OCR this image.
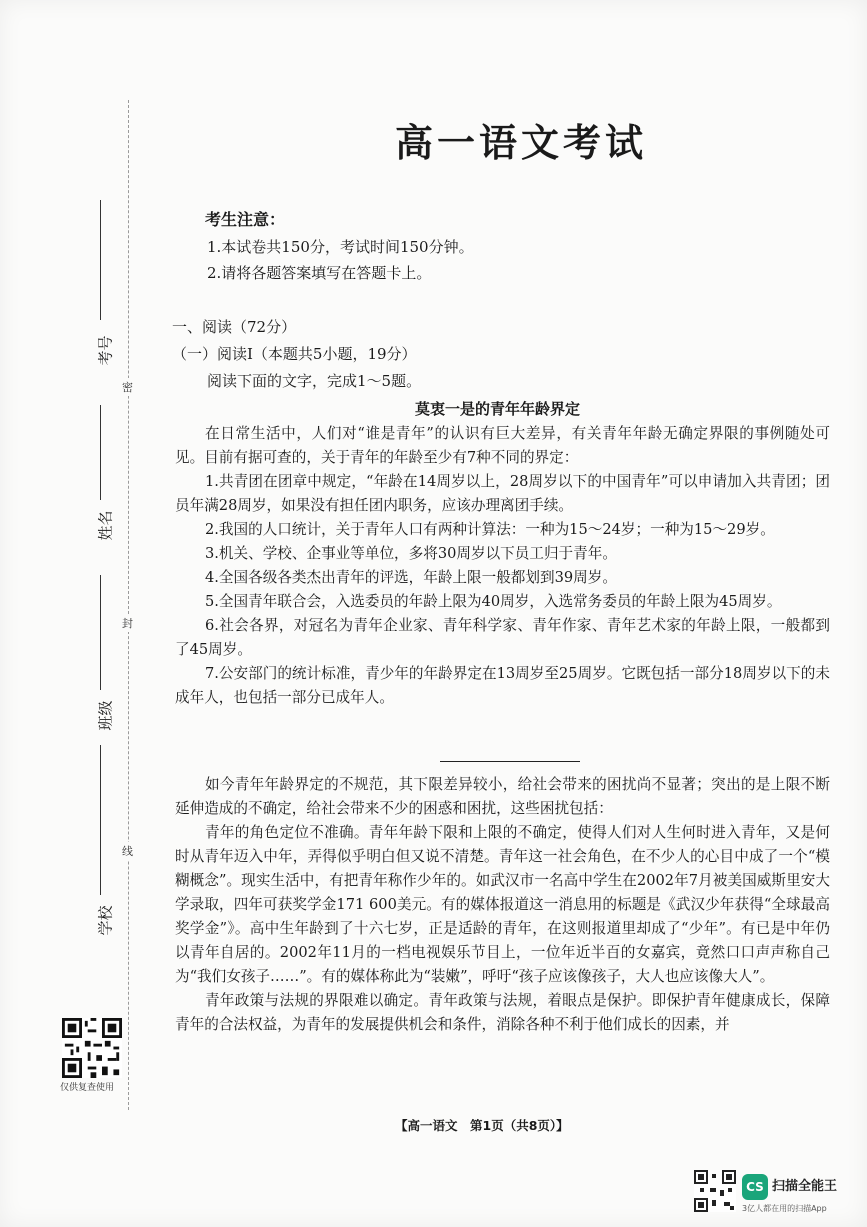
密
封
线
考号
姓名
班级
学校
仅供复查使用
高一语文考试
考生注意：
1.本试卷共150分，考试时间150分钟。
2.请将各题答案填写在答题卡上。
一、阅读（72分）
（一）阅读Ⅰ（本题共5小题，19分）
阅读下面的文字，完成1～5题。
莫衷一是的青年年龄界定

在日常生活中，人们对“谁是青年”的认识有巨大差异，有关青年年龄无确定界限的事例随处可见。目前有据可查的，关于青年的年龄至少有7种不同的界定：

1.共青团在团章中规定，“年龄在14周岁以上，28周岁以下的中国青年”可以申请加入共青团；团员年满28周岁，如果没有担任团内职务，应该办理离团手续。

2.我国的人口统计，关于青年人口有两种计算法：一种为15～24岁；一种为15～29岁。

3.机关、学校、企事业等单位，多将30周岁以下员工归于青年。

4.全国各级各类杰出青年的评选，年龄上限一般都划到39周岁。

5.全国青年联合会，入选委员的年龄上限为40周岁，入选常务委员的年龄上限为45周岁。

6.社会各界，对冠名为青年企业家、青年科学家、青年作家、青年艺术家的年龄上限，一般都到了45周岁。

7.公安部门的统计标准，青少年的年龄界定在13周岁至25周岁。它既包括一部分18周岁以下的未成年人，也包括一部分已成年人。

如今青年年龄界定的不规范，其下限差异较小，给社会带来的困扰尚不显著；突出的是上限不断延伸造成的不确定，给社会带来不少的困惑和困扰，这些困扰包括：

青年的角色定位不准确。青年年龄下限和上限的不确定，使得人们对人生何时进入青年，又是何时从青年迈入中年，弄得似乎明白但又说不清楚。青年这一社会角色，在不少人的心目中成了一个“模糊概念”。现实生活中，有把青年称作少年的。如武汉市一名高中学生在2002年7月被美国威斯里安大学录取，四年可获奖学金171 600美元。有的媒体报道这一消息用的标题是《武汉少年获得“全球最高奖学金”》。高中生年龄到了十六七岁，正是适龄的青年，在这则报道里却成了“少年”。有已是中年仍以青年自居的。2002年11月的一档电视娱乐节目上，一位年近半百的女嘉宾，竟然口口声声称自己为“我们女孩子……”。有的媒体称此为“装嫩”，呼吁“孩子应该像孩子，大人也应该像大人”。

青年政策与法规的界限难以确定。青年政策与法规，着眼点是保护。即保护青年健康成长，保障青年的合法权益，为青年的发展提供机会和条件，消除各种不利于他们成长的因素，并

【高一语文　第1页（共8页）】
CS 扫描全能王
3亿人都在用的扫描App
